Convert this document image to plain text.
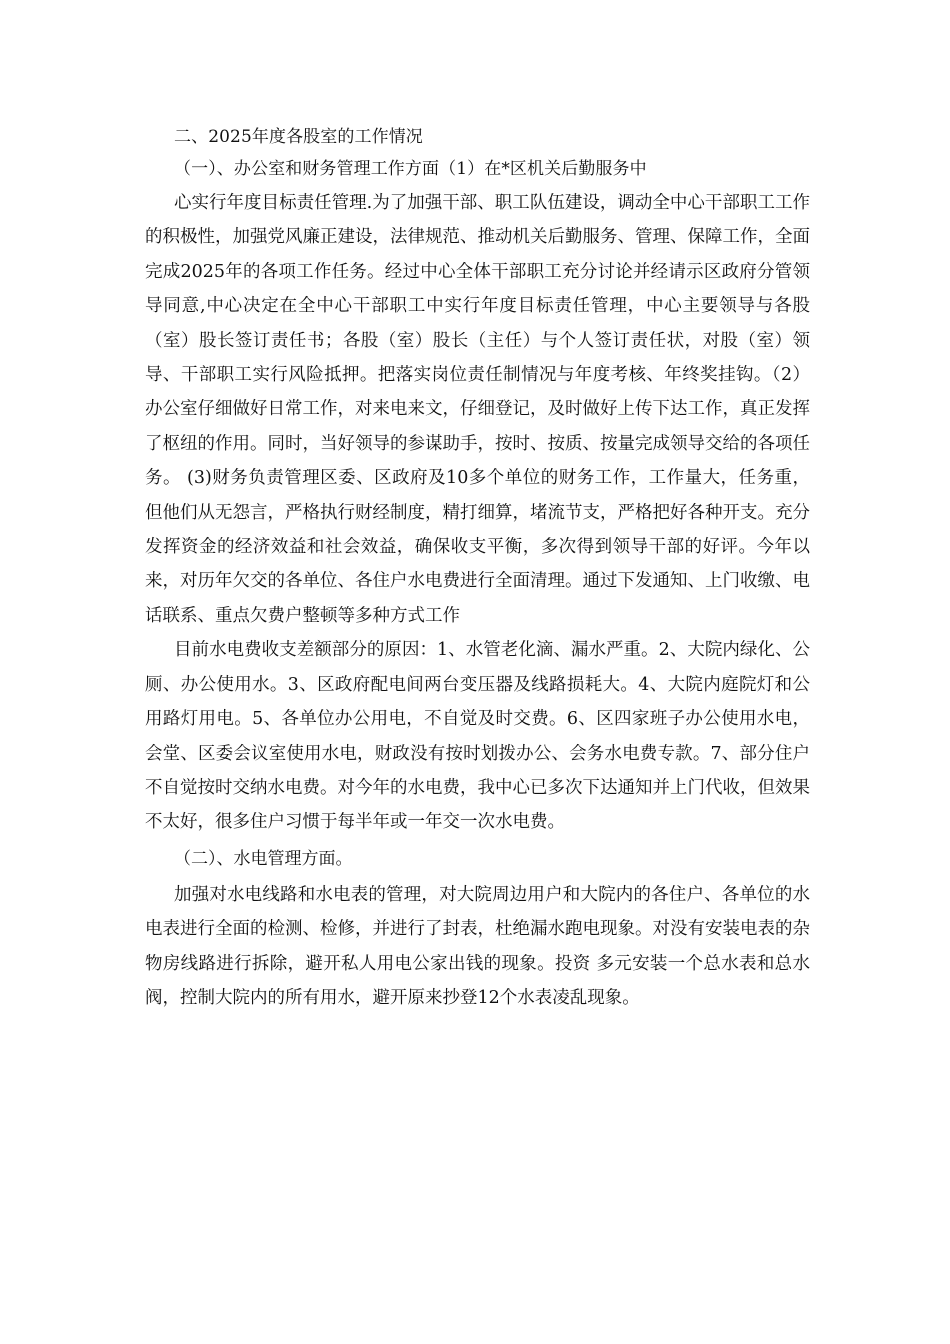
二、2025年度各股室的工作情况

（一）、办公室和财务管理工作方面（1）在*区机关后勤服务中

心实行年度目标责任管理.为了加强干部、职工队伍建设，调动全中心干部职工工作的积极性，加强党风廉正建设，法律规范、推动机关后勤服务、管理、保障工作，全面完成2025年的各项工作任务。经过中心全体干部职工充分讨论并经请示区政府分管领导同意,中心决定在全中心干部职工中实行年度目标责任管理，中心主要领导与各股（室）股长签订责任书；各股（室）股长（主任）与个人签订责任状，对股（室）领导、干部职工实行风险抵押。把落实岗位责任制情况与年度考核、年终奖挂钩。（2）办公室仔细做好日常工作，对来电来文，仔细登记，及时做好上传下达工作，真正发挥了枢纽的作用。同时，当好领导的参谋助手，按时、按质、按量完成领导交给的各项任务。 (3)财务负责管理区委、区政府及10多个单位的财务工作，工作量大，任务重，但他们从无怨言，严格执行财经制度，精打细算，堵流节支，严格把好各种开支。充分发挥资金的经济效益和社会效益，确保收支平衡，多次得到领导干部的好评。今年以来，对历年欠交的各单位、各住户水电费进行全面清理。通过下发通知、上门收缴、电话联系、重点欠费户整顿等多种方式工作

目前水电费收支差额部分的原因：1、水管老化滴、漏水严重。2、大院内绿化、公厕、办公使用水。3、区政府配电间两台变压器及线路损耗大。4、大院内庭院灯和公用路灯用电。5、各单位办公用电，不自觉及时交费。6、区四家班子办公使用水电，会堂、区委会议室使用水电，财政没有按时划拨办公、会务水电费专款。7、部分住户不自觉按时交纳水电费。对今年的水电费，我中心已多次下达通知并上门代收，但效果不太好，很多住户习惯于每半年或一年交一次水电费。

（二）、水电管理方面。

加强对水电线路和水电表的管理，对大院周边用户和大院内的各住户、各单位的水电表进行全面的检测、检修，并进行了封表，杜绝漏水跑电现象。对没有安装电表的杂物房线路进行拆除，避开私人用电公家出钱的现象。投资 多元安装一个总水表和总水阀，控制大院内的所有用水，避开原来抄登12个水表凌乱现象。
